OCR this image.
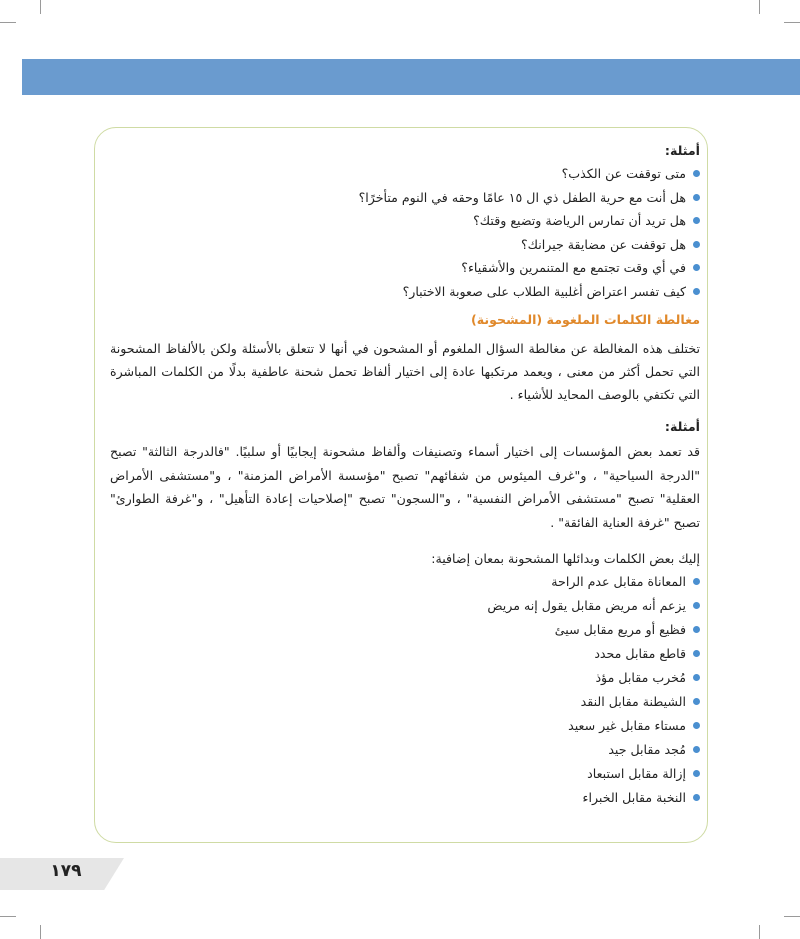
أمثلة:
متى توقفت عن الكذب؟
هل أنت مع حرية الطفل ذي ال ١٥ عامًا وحقه في النوم متأخرًا؟
هل تريد أن تمارس الرياضة وتضيع وقتك؟
هل توقفت عن مضايقة جيرانك؟
في أي وقت تجتمع مع المتنمرين والأشقياء؟
كيف تفسر اعتراض أغلبية الطلاب على صعوبة الاختبار؟
مغالطة الكلمات الملغومة (المشحونة)

تختلف هذه المغالطة عن مغالطة السؤال الملغوم أو المشحون في أنها لا تتعلق بالأسئلة ولكن بالألفاظ المشحونة التي تحمل أكثر من معنى ، ويعمد مرتكبها عادة إلى اختيار ألفاظ تحمل شحنة عاطفية بدلًا من الكلمات المباشرة التي تكتفي بالوصف المحايد للأشياء .

أمثلة:

قد تعمد بعض المؤسسات إلى اختيار أسماء وتصنيفات وألفاظ مشحونة إيجابيًا أو سلبيًا. "فالدرجة الثالثة" تصبح "الدرجة السياحية" ، و"غرف الميئوس من شفائهم" تصبح "مؤسسة الأمراض المزمنة" ، و"مستشفى الأمراض العقلية" تصبح "مستشفى الأمراض النفسية" ، و"السجون" تصبح "إصلاحيات إعادة التأهيل" ، و"غرفة الطوارئ" تصبح "غرفة العناية الفائقة" .

إليك بعض الكلمات وبدائلها المشحونة بمعان إضافية:
المعاناة مقابل عدم الراحة
يزعم أنه مريض مقابل يقول إنه مريض
فظيع أو مريع مقابل سيئ
قاطع مقابل محدد
مُخرب مقابل مؤذ
الشيطنة مقابل النقد
مستاء مقابل غير سعيد
مُجد مقابل جيد
إزالة مقابل استبعاد
النخبة مقابل الخبراء
١٧٩
